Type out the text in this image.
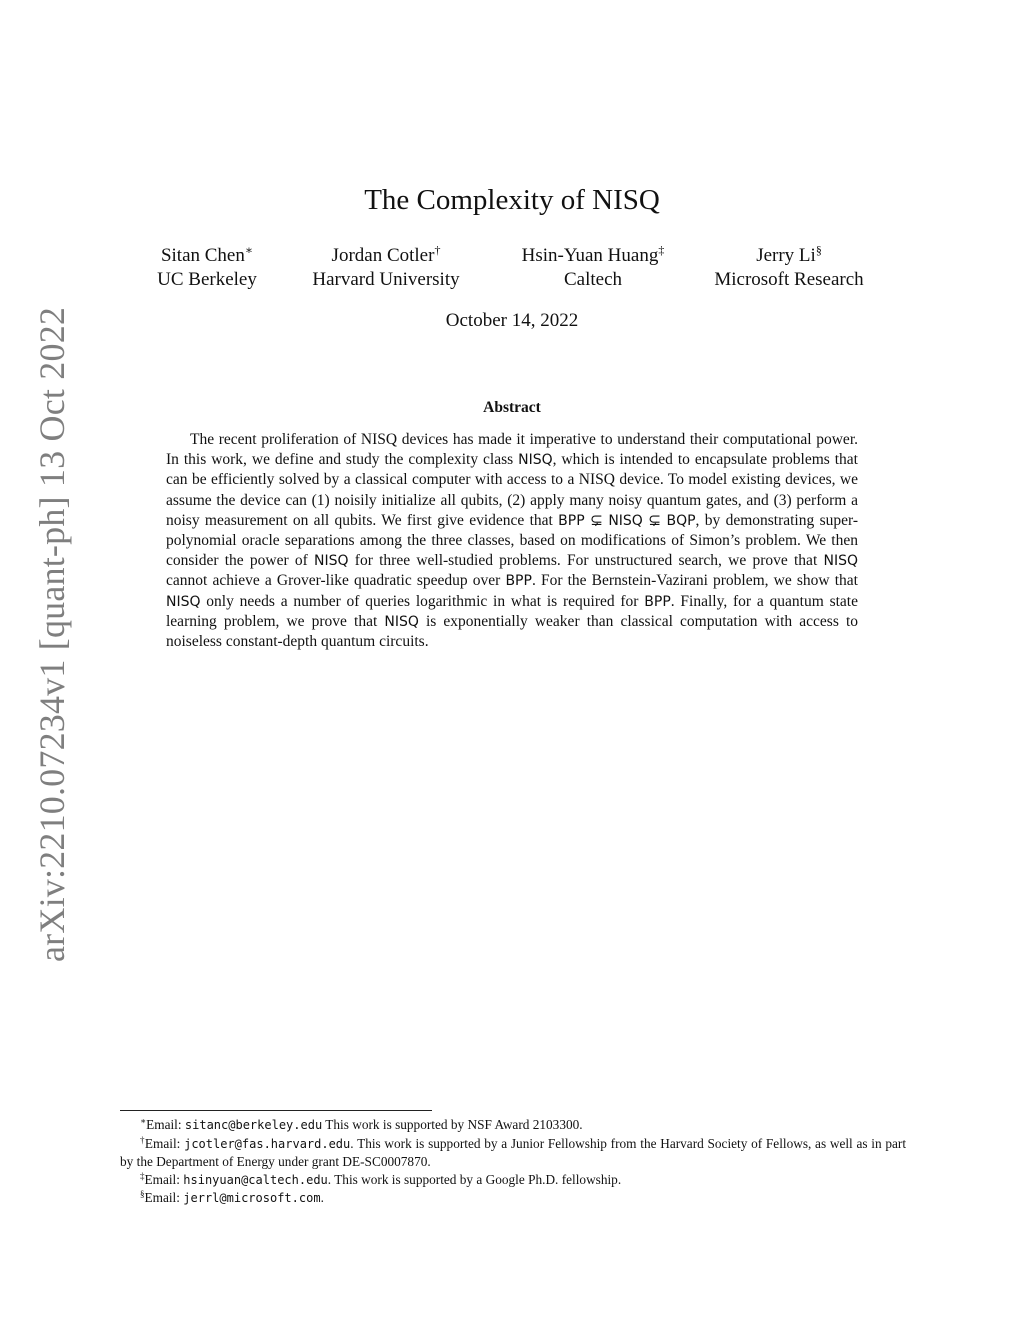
arXiv:2210.07234v1 [quant-ph] 13 Oct 2022
The Complexity of NISQ
Sitan Chen∗
UC Berkeley
Jordan Cotler†
Harvard University
Hsin-Yuan Huang‡
Caltech
Jerry Li§
Microsoft Research
October 14, 2022
Abstract

The recent proliferation of NISQ devices has made it imperative to understand their computational power. In this work, we define and study the complexity class NISQ, which is intended to encapsulate problems that can be efficiently solved by a classical computer with access to a NISQ device. To model existing devices, we assume the device can (1) noisily initialize all qubits, (2) apply many noisy quantum gates, and (3) perform a noisy measurement on all qubits. We first give evidence that BPP ⊊ NISQ ⊊ BQP, by demonstrating super-polynomial oracle separations among the three classes, based on modifications of Simon’s problem. We then consider the power of NISQ for three well-studied problems. For unstructured search, we prove that NISQ cannot achieve a Grover-like quadratic speedup over BPP. For the Bernstein-Vazirani problem, we show that NISQ only needs a number of queries logarithmic in what is required for BPP. Finally, for a quantum state learning problem, we prove that NISQ is exponentially weaker than classical computation with access to noiseless constant-depth quantum circuits.

∗Email: sitanc@berkeley.edu This work is supported by NSF Award 2103300.

†Email: jcotler@fas.harvard.edu. This work is supported by a Junior Fellowship from the Harvard Society of Fellows, as well as in part by the Department of Energy under grant DE-SC0007870.

‡Email: hsinyuan@caltech.edu. This work is supported by a Google Ph.D. fellowship.

§Email: jerrl@microsoft.com.
